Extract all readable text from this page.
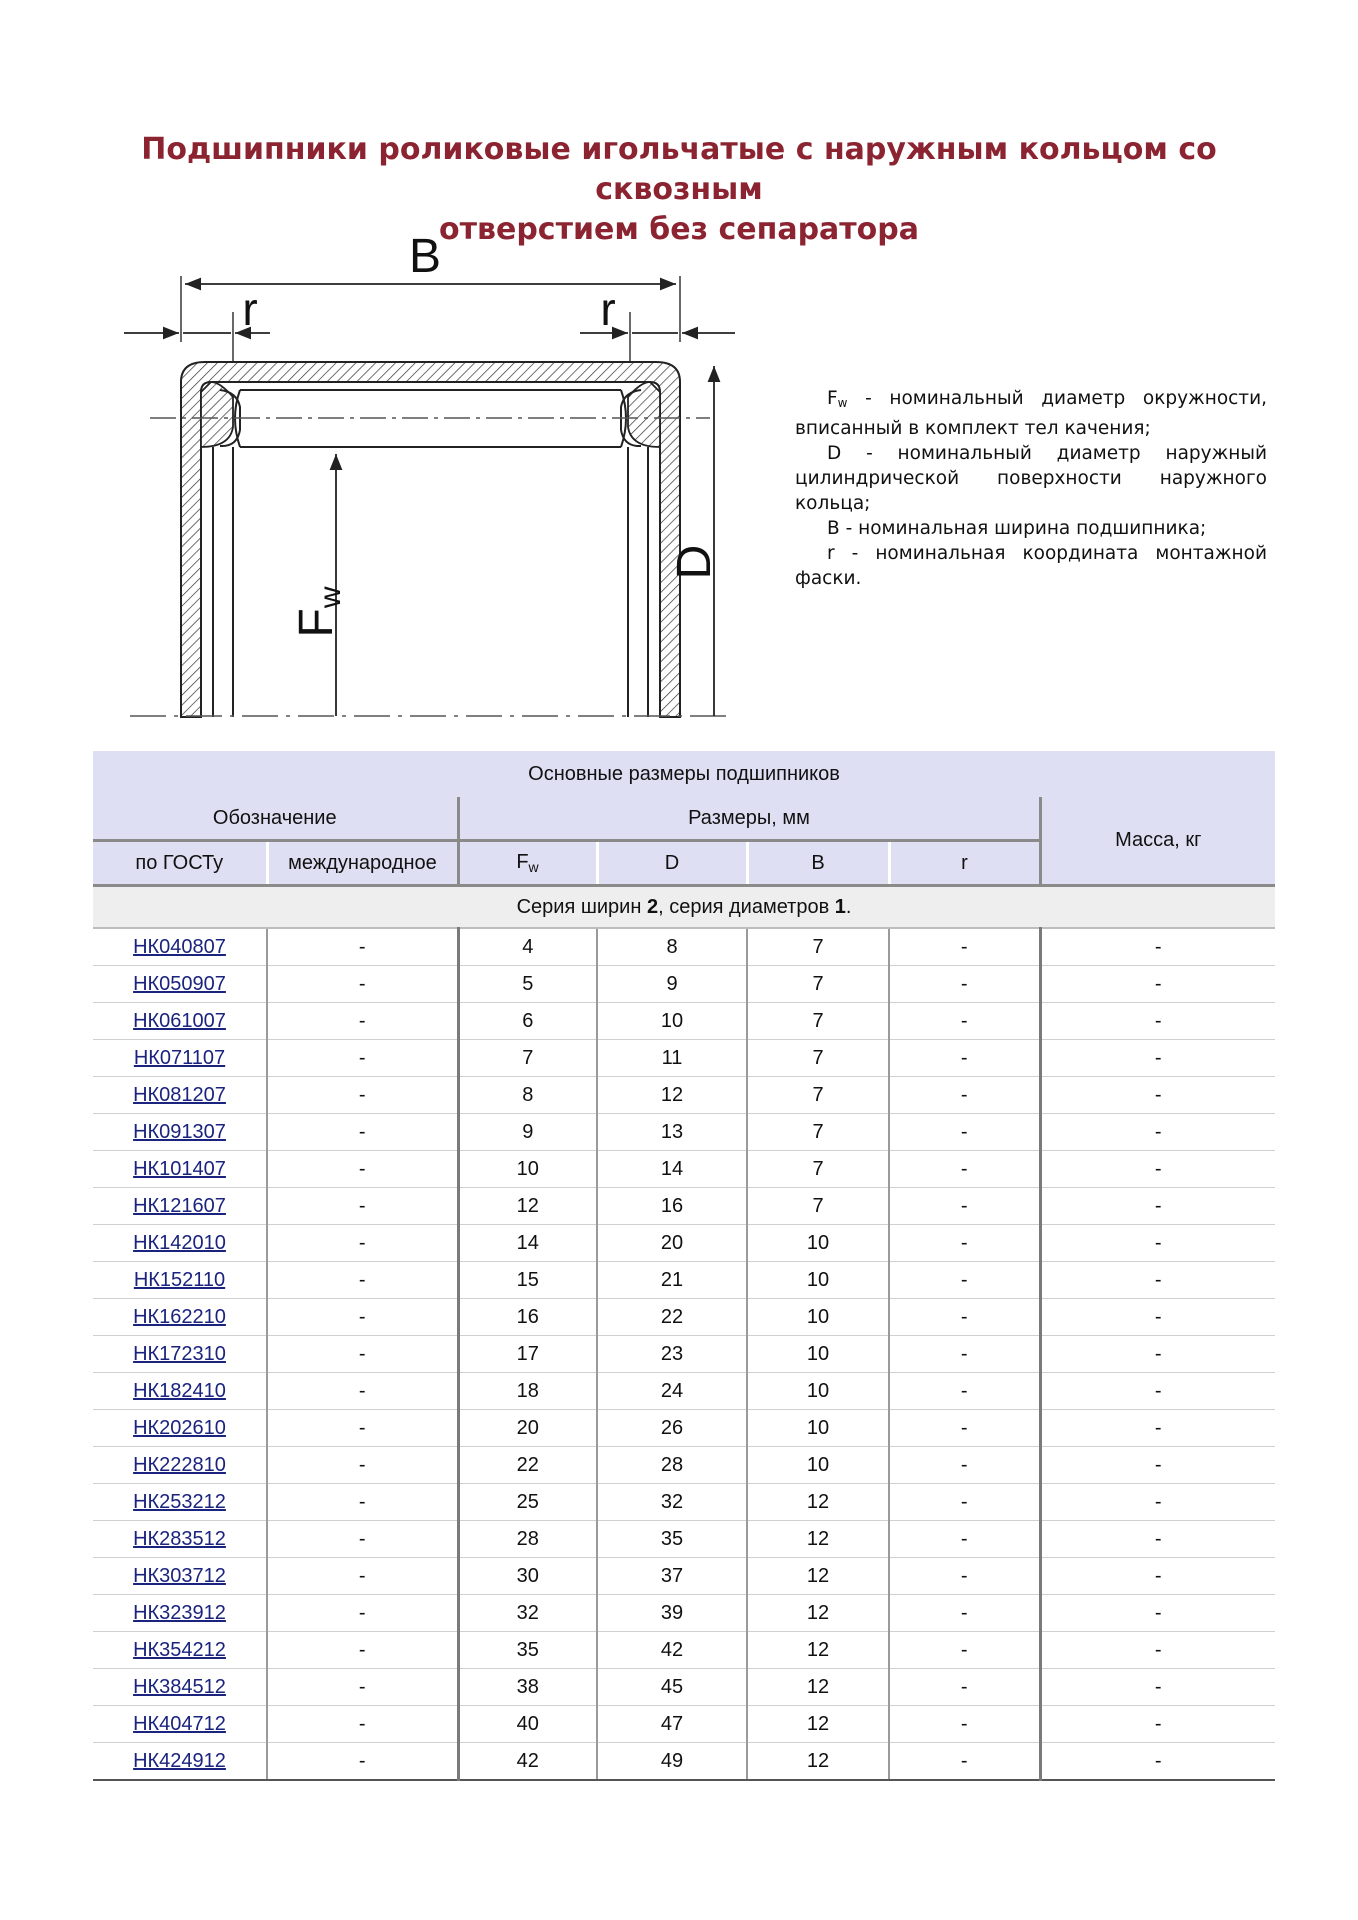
Подшипники роликовые игольчатые с наружным кольцом со сквозным
отверстием без сепаратора
B
r	r
Fw
D

$F_w$ - номинальный диаметр окружности, вписанный в комплект тел качения;

D - номинальный диаметр наружный цилиндрической поверхности наружного кольца;

B - номинальная ширина подшипника;

r - номинальная координата монтажной фаски.

Основные размеры подшипников						
Обозначение		Размеры, мм				Масса, кг
по ГОСТу	международное	$F_w$	D	B	r	
Серия ширин 2, серия диаметров 1.						
НК040807	-	4	8	7	-	-
НК050907	-	5	9	7	-	-
НК061007	-	6	10	7	-	-
НК071107	-	7	11	7	-	-
НК081207	-	8	12	7	-	-
НК091307	-	9	13	7	-	-
НК101407	-	10	14	7	-	-
НК121607	-	12	16	7	-	-
НК142010	-	14	20	10	-	-
НК152110	-	15	21	10	-	-
НК162210	-	16	22	10	-	-
НК172310	-	17	23	10	-	-
НК182410	-	18	24	10	-	-
НК202610	-	20	26	10	-	-
НК222810	-	22	28	10	-	-
НК253212	-	25	32	12	-	-
НК283512	-	28	35	12	-	-
НК303712	-	30	37	12	-	-
НК323912	-	32	39	12	-	-
НК354212	-	35	42	12	-	-
НК384512	-	38	45	12	-	-
НК404712	-	40	47	12	-	-
НК424912	-	42	49	12	-	-
